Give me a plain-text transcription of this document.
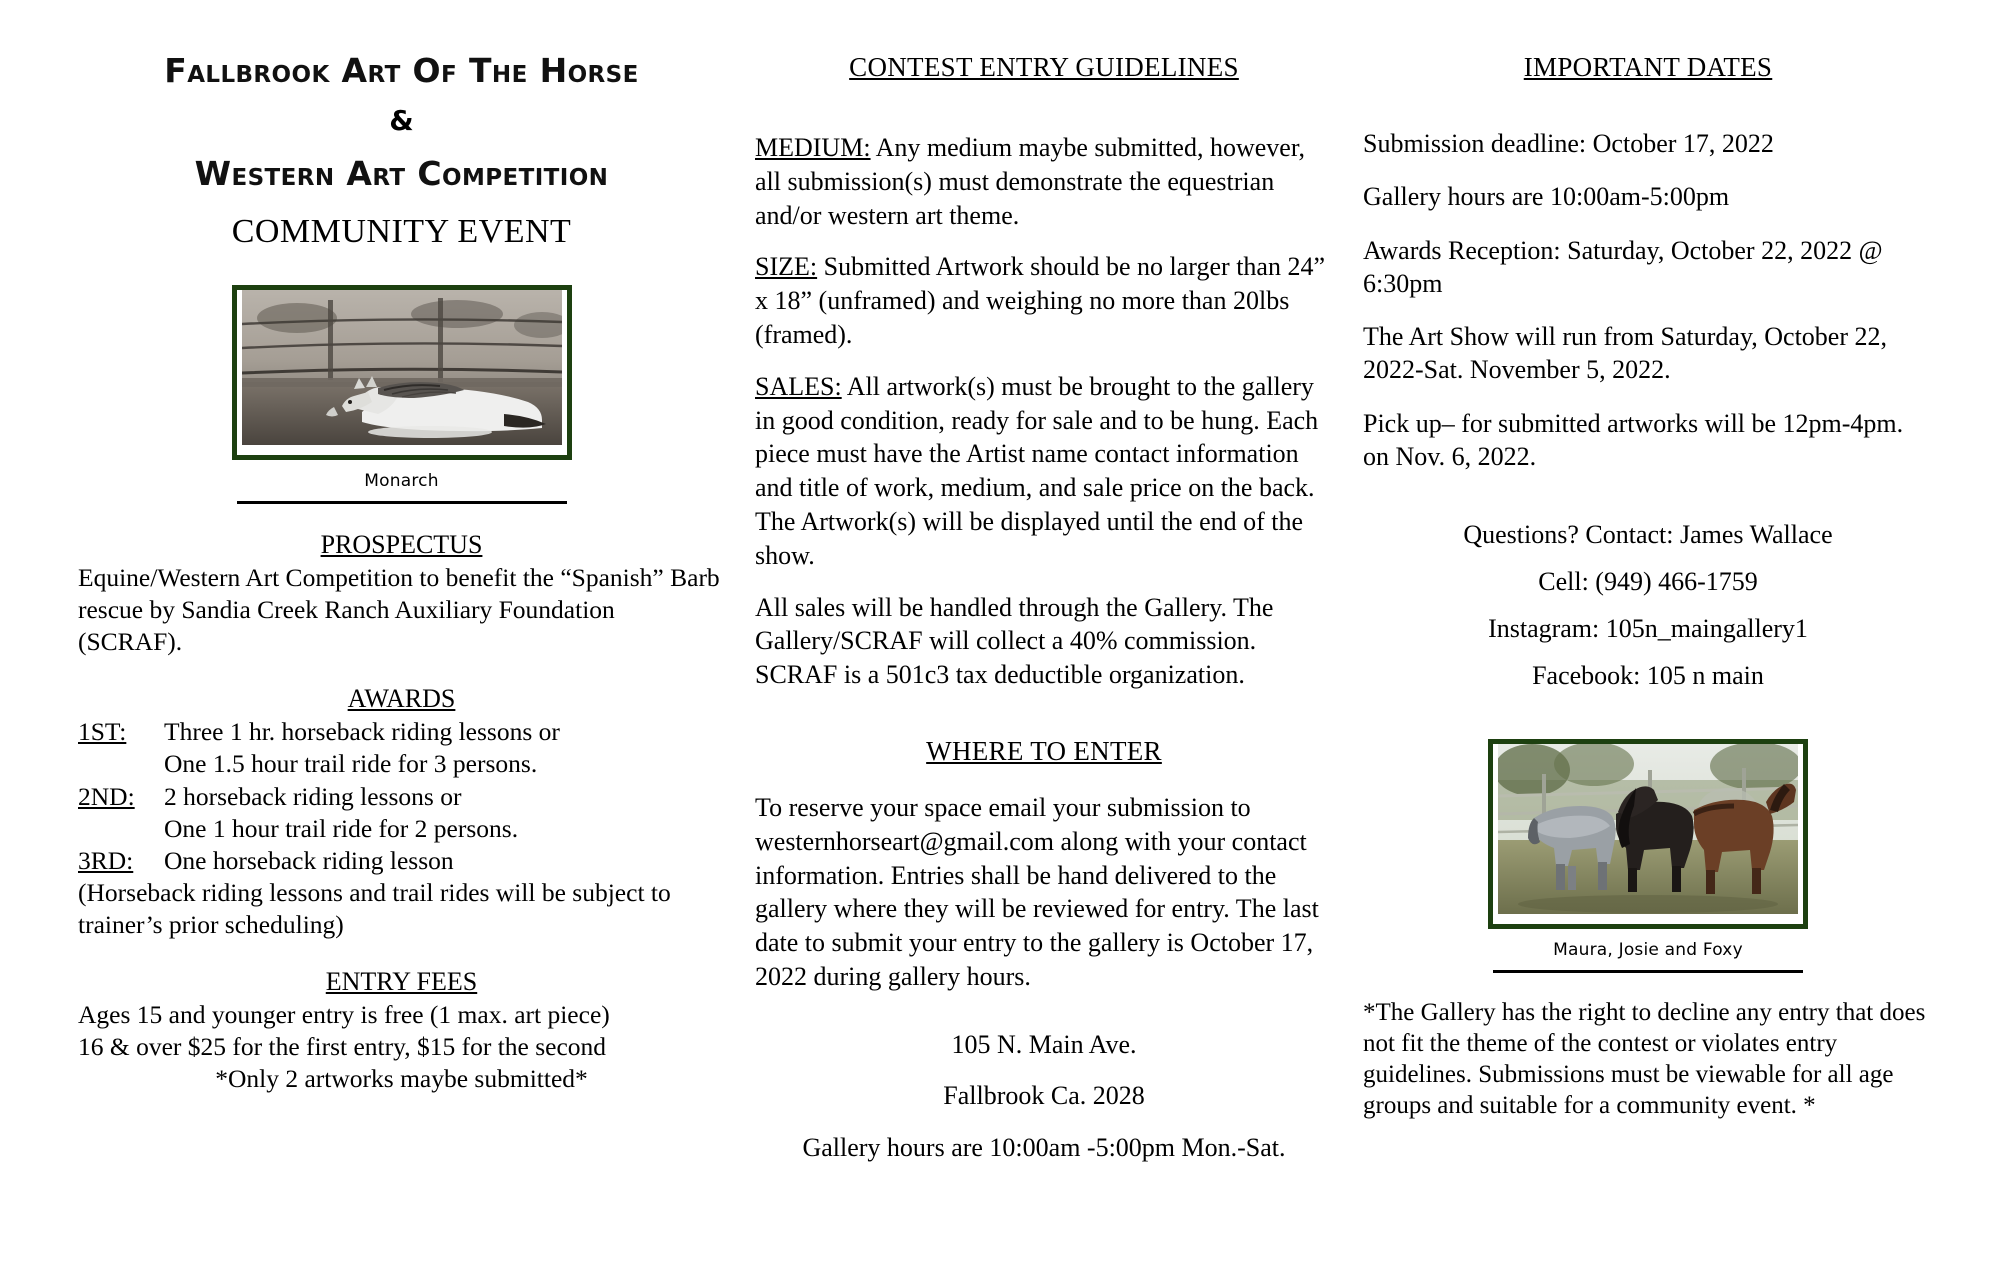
Fallbrook Art Of The Horse
&
Western Art Competition
COMMUNITY EVENT
Monarch
PROSPECTUS

Equine/Western Art Competition to benefit the “Spanish” Barb rescue by Sandia Creek Ranch Auxiliary Foundation (SCRAF).

AWARDS
1ST:	Three 1 hr. horseback riding lessons or
One 1.5 hour trail ride for 3 persons.
2ND:	2 horseback riding lessons or
One 1 hour trail ride for 2 persons.
3RD:	One horseback riding lesson
(Horseback riding lessons and trail rides will be subject to trainer’s prior scheduling)
ENTRY FEES
Ages 15 and younger entry is free (1 max. art piece)
16 & over $25 for the first entry, $15 for the second
*Only 2 artworks maybe submitted*
CONTEST ENTRY GUIDELINES

MEDIUM: Any medium maybe submitted, however, all submission(s) must demonstrate the equestrian and/or western art theme.

SIZE: Submitted Artwork should be no larger than 24” x 18” (unframed) and weighing no more than 20lbs (framed).

SALES: All artwork(s) must be brought to the gallery in good condition, ready for sale and to be hung. Each piece must have the Artist name contact information and title of work, medium, and sale price on the back. The Artwork(s) will be displayed until the end of the show.

All sales will be handled through the Gallery. The Gallery/SCRAF will collect a 40% commission. SCRAF is a 501c3 tax deductible organization.

WHERE TO ENTER

To reserve your space email your submission to westernhorseart@gmail.com along with your contact information. Entries shall be hand delivered to the gallery where they will be reviewed for entry. The last date to submit your entry to the gallery is October 17, 2022 during gallery hours.

105 N. Main Ave.

Fallbrook Ca. 2028

Gallery hours are 10:00am -5:00pm Mon.-Sat.

IMPORTANT DATES

Submission deadline: October 17, 2022

Gallery hours are 10:00am-5:00pm

Awards Reception: Saturday, October 22, 2022 @ 6:30pm

The Art Show will run from Saturday, October 22, 2022-Sat. November 5, 2022.

Pick up– for submitted artworks will be 12pm-4pm. on Nov. 6, 2022.

Questions? Contact: James Wallace

Cell: (949) 466-1759

Instagram: 105n_maingallery1

Facebook: 105 n main

Maura, Josie and Foxy

*The Gallery has the right to decline any entry that does not fit the theme of the contest or violates entry guidelines. Submissions must be viewable for all age groups and suitable for a community event. *
